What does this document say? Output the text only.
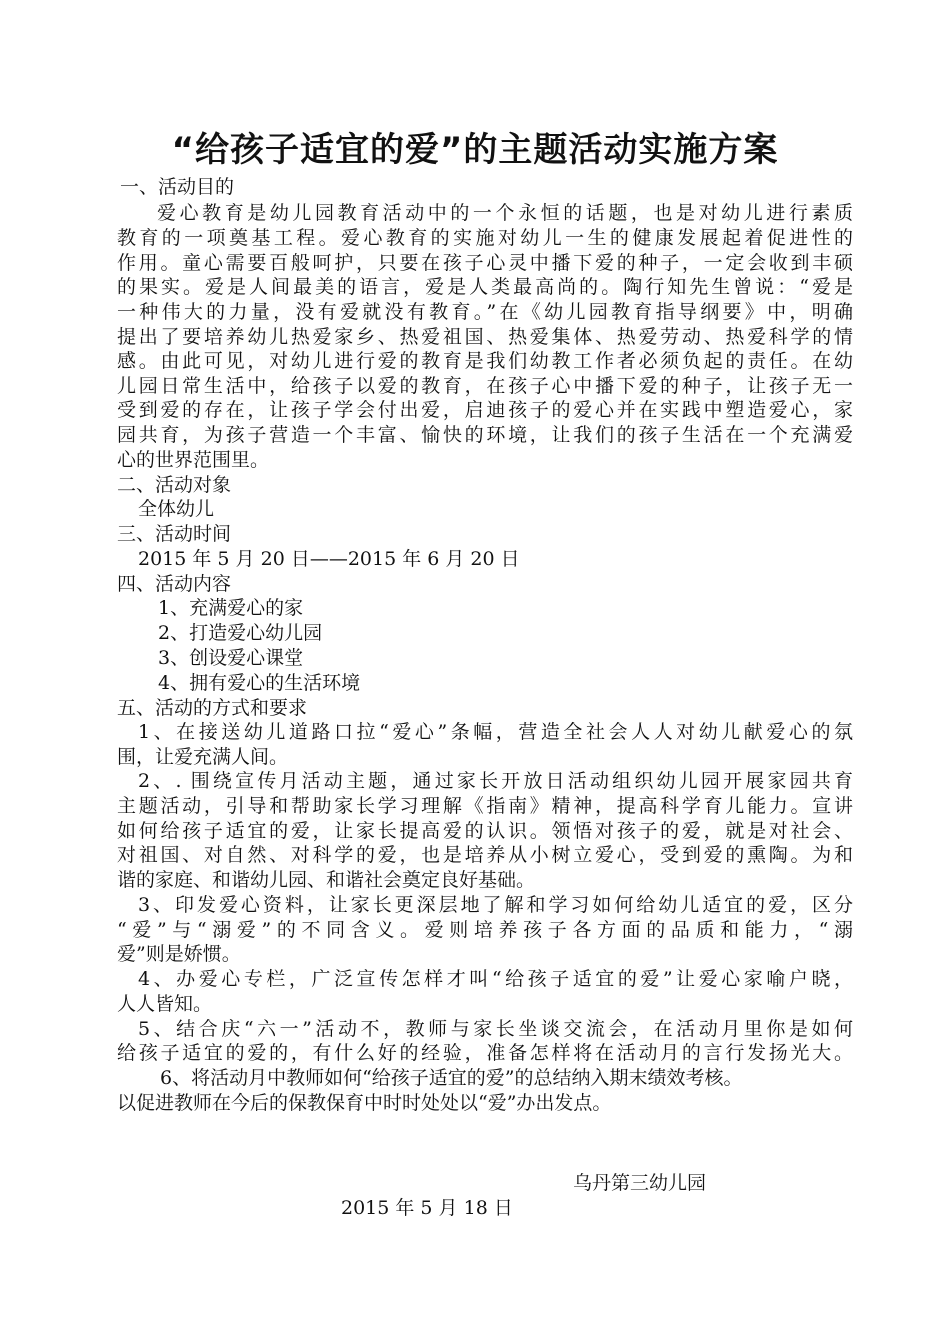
“给孩子适宜的爱”的主题活动实施方案
一、活动目的
爱心教育是幼儿园教育活动中的一个永恒的话题，也是对幼儿进行素质
教育的一项奠基工程。爱心教育的实施对幼儿一生的健康发展起着促进性的
作用。童心需要百般呵护，只要在孩子心灵中播下爱的种子，一定会收到丰硕
的果实。爱是人间最美的语言，爱是人类最高尚的。陶行知先生曾说：“爱是
一种伟大的力量，没有爱就没有教育。”在《幼儿园教育指导纲要》中，明确
提出了要培养幼儿热爱家乡、热爱祖国、热爱集体、热爱劳动、热爱科学的情
感。由此可见，对幼儿进行爱的教育是我们幼教工作者必须负起的责任。在幼
儿园日常生活中，给孩子以爱的教育，在孩子心中播下爱的种子，让孩子无一
受到爱的存在，让孩子学会付出爱，启迪孩子的爱心并在实践中塑造爱心，家
园共育，为孩子营造一个丰富、愉快的环境，让我们的孩子生活在一个充满爱
心的世界范围里。
二、活动对象
全体幼儿
三、活动时间
2015 年 5 月 20 日——2015 年 6 月 20 日
四、活动内容
1、充满爱心的家
2、打造爱心幼儿园
3、创设爱心课堂
4、拥有爱心的生活环境
五、活动的方式和要求
1、在接送幼儿道路口拉“爱心”条幅，营造全社会人人对幼儿献爱心的氛
围，让爱充满人间。
2、. 围绕宣传月活动主题，通过家长开放日活动组织幼儿园开展家园共育
主题活动，引导和帮助家长学习理解《指南》精神，提高科学育儿能力。宣讲
如何给孩子适宜的爱，让家长提高爱的认识。领悟对孩子的爱，就是对社会、
对祖国、对自然、对科学的爱，也是培养从小树立爱心，受到爱的熏陶。为和
谐的家庭、和谐幼儿园、和谐社会奠定良好基础。
3、印发爱心资料，让家长更深层地了解和学习如何给幼儿适宜的爱，区分
“爱”与“溺爱”的不同含义。爱则培养孩子各方面的品质和能力，“溺
爱”则是娇惯。
4、办爱心专栏，广泛宣传怎样才叫“给孩子适宜的爱”让爱心家喻户晓，
人人皆知。
5、结合庆“六一”活动不，教师与家长坐谈交流会，在活动月里你是如何
给孩子适宜的爱的，有什么好的经验，准备怎样将在活动月的言行发扬光大。
6、将活动月中教师如何“给孩子适宜的爱”的总结纳入期末绩效考核。
以促进教师在今后的保教保育中时时处处以“爱”办出发点。
乌丹第三幼儿园
2015 年 5 月 18 日
